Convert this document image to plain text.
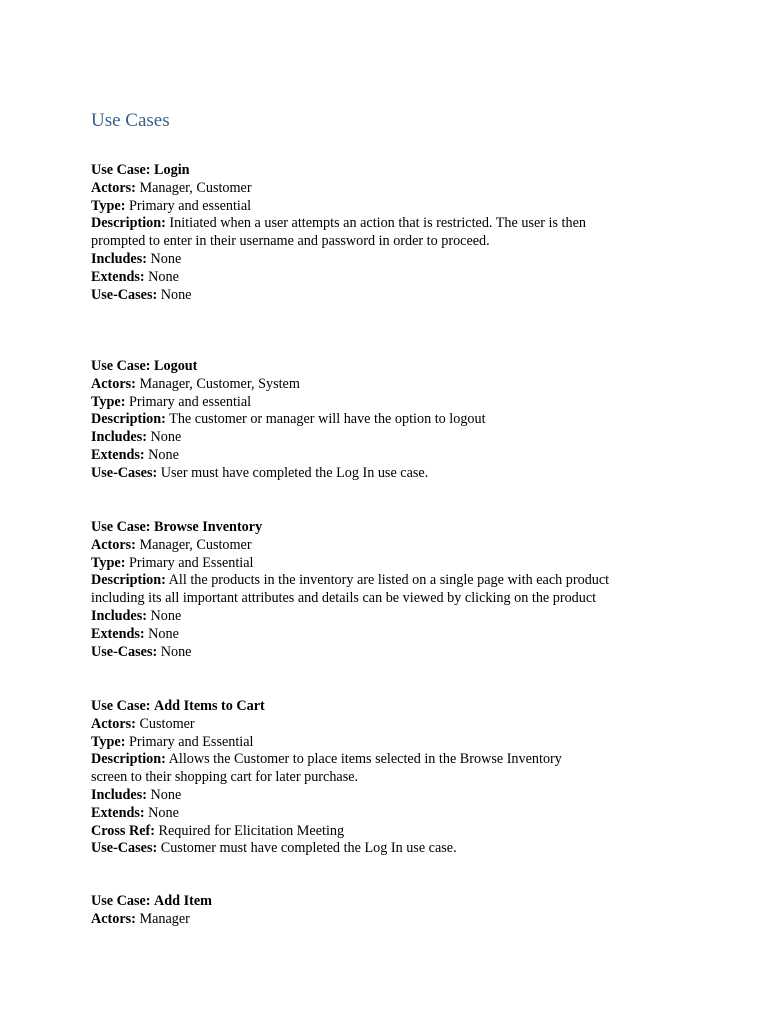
Use Cases
Use Case: Login
Actors: Manager, Customer
Type: Primary and essential
Description: Initiated when a user attempts an action that is restricted. The user is then
prompted to enter in their username and password in order to proceed.
Includes: None
Extends: None
Use-Cases: None
Use Case: Logout
Actors: Manager, Customer, System
Type: Primary and essential
Description: The customer or manager will have the option to logout
Includes: None
Extends: None
Use-Cases: User must have completed the Log In use case.
Use Case: Browse Inventory
Actors: Manager, Customer
Type: Primary and Essential
Description: All the products in the inventory are listed on a single page with each product
including its all important attributes and details can be viewed by clicking on the product
Includes: None
Extends: None
Use-Cases: None
Use Case: Add Items to Cart
Actors: Customer
Type: Primary and Essential
Description: Allows the Customer to place items selected in the Browse Inventory
screen to their shopping cart for later purchase.
Includes: None
Extends: None
Cross Ref: Required for Elicitation Meeting
Use-Cases: Customer must have completed the Log In use case.
Use Case: Add Item
Actors: Manager
